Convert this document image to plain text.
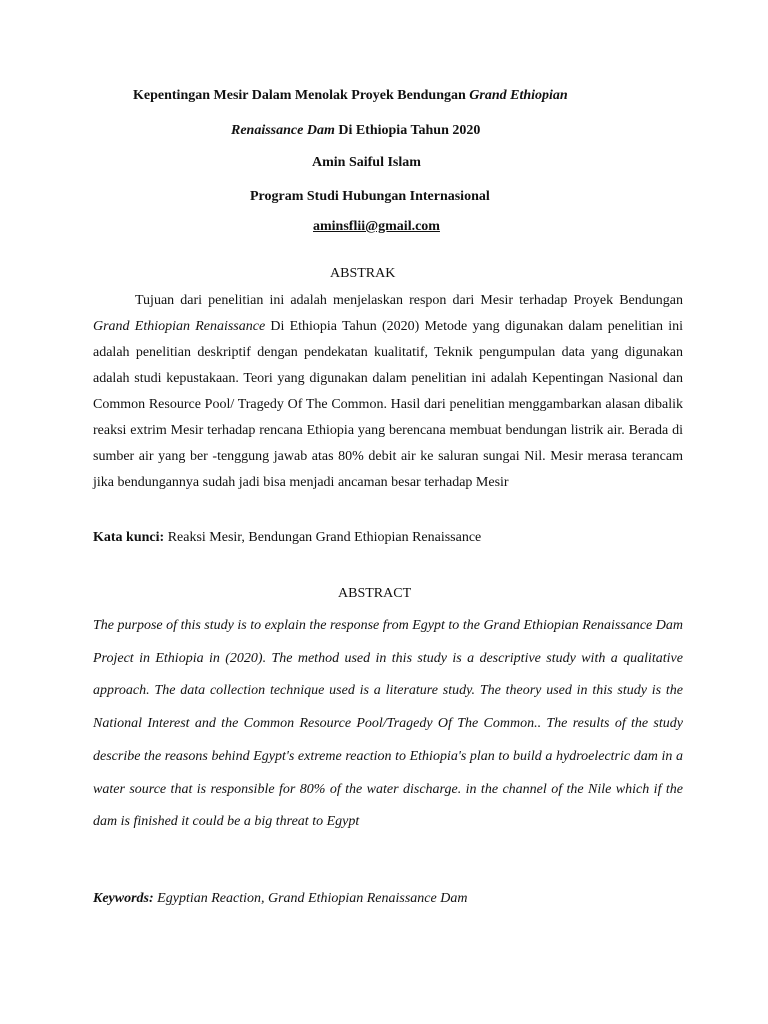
Kepentingan Mesir Dalam Menolak Proyek Bendungan Grand Ethiopian
Renaissance Dam Di Ethiopia Tahun 2020
Amin Saiful Islam
Program Studi Hubungan Internasional
aminsflii@gmail.com
ABSTRAK
Tujuan dari penelitian ini adalah menjelaskan respon dari Mesir terhadap Proyek Bendungan Grand Ethiopian Renaissance Di Ethiopia Tahun (2020) Metode yang digunakan dalam penelitian ini adalah penelitian deskriptif dengan pendekatan kualitatif, Teknik pengumpulan data yang digunakan adalah studi kepustakaan. Teori yang digunakan dalam penelitian ini adalah Kepentingan Nasional dan Common Resource Pool/ Tragedy Of The Common. Hasil dari penelitian menggambarkan alasan dibalik reaksi extrim Mesir terhadap rencana Ethiopia yang berencana membuat bendungan listrik air. Berada di sumber air yang ber -tenggung jawab atas 80% debit air ke saluran sungai Nil. Mesir merasa terancam jika bendungannya sudah jadi bisa menjadi ancaman besar terhadap Mesir
Kata kunci: Reaksi Mesir, Bendungan Grand Ethiopian Renaissance
ABSTRACT
The purpose of this study is to explain the response from Egypt to the Grand Ethiopian Renaissance Dam Project in Ethiopia in (2020). The method used in this study is a descriptive study with a qualitative approach. The data collection technique used is a literature study. The theory used in this study is the National Interest and the Common Resource Pool/Tragedy Of The Common.. The results of the study describe the reasons behind Egypt's extreme reaction to Ethiopia's plan to build a hydroelectric dam in a water source that is responsible for 80% of the water discharge. in the channel of the Nile which if the dam is finished it could be a big threat to Egypt
Keywords: Egyptian Reaction, Grand Ethiopian Renaissance Dam
